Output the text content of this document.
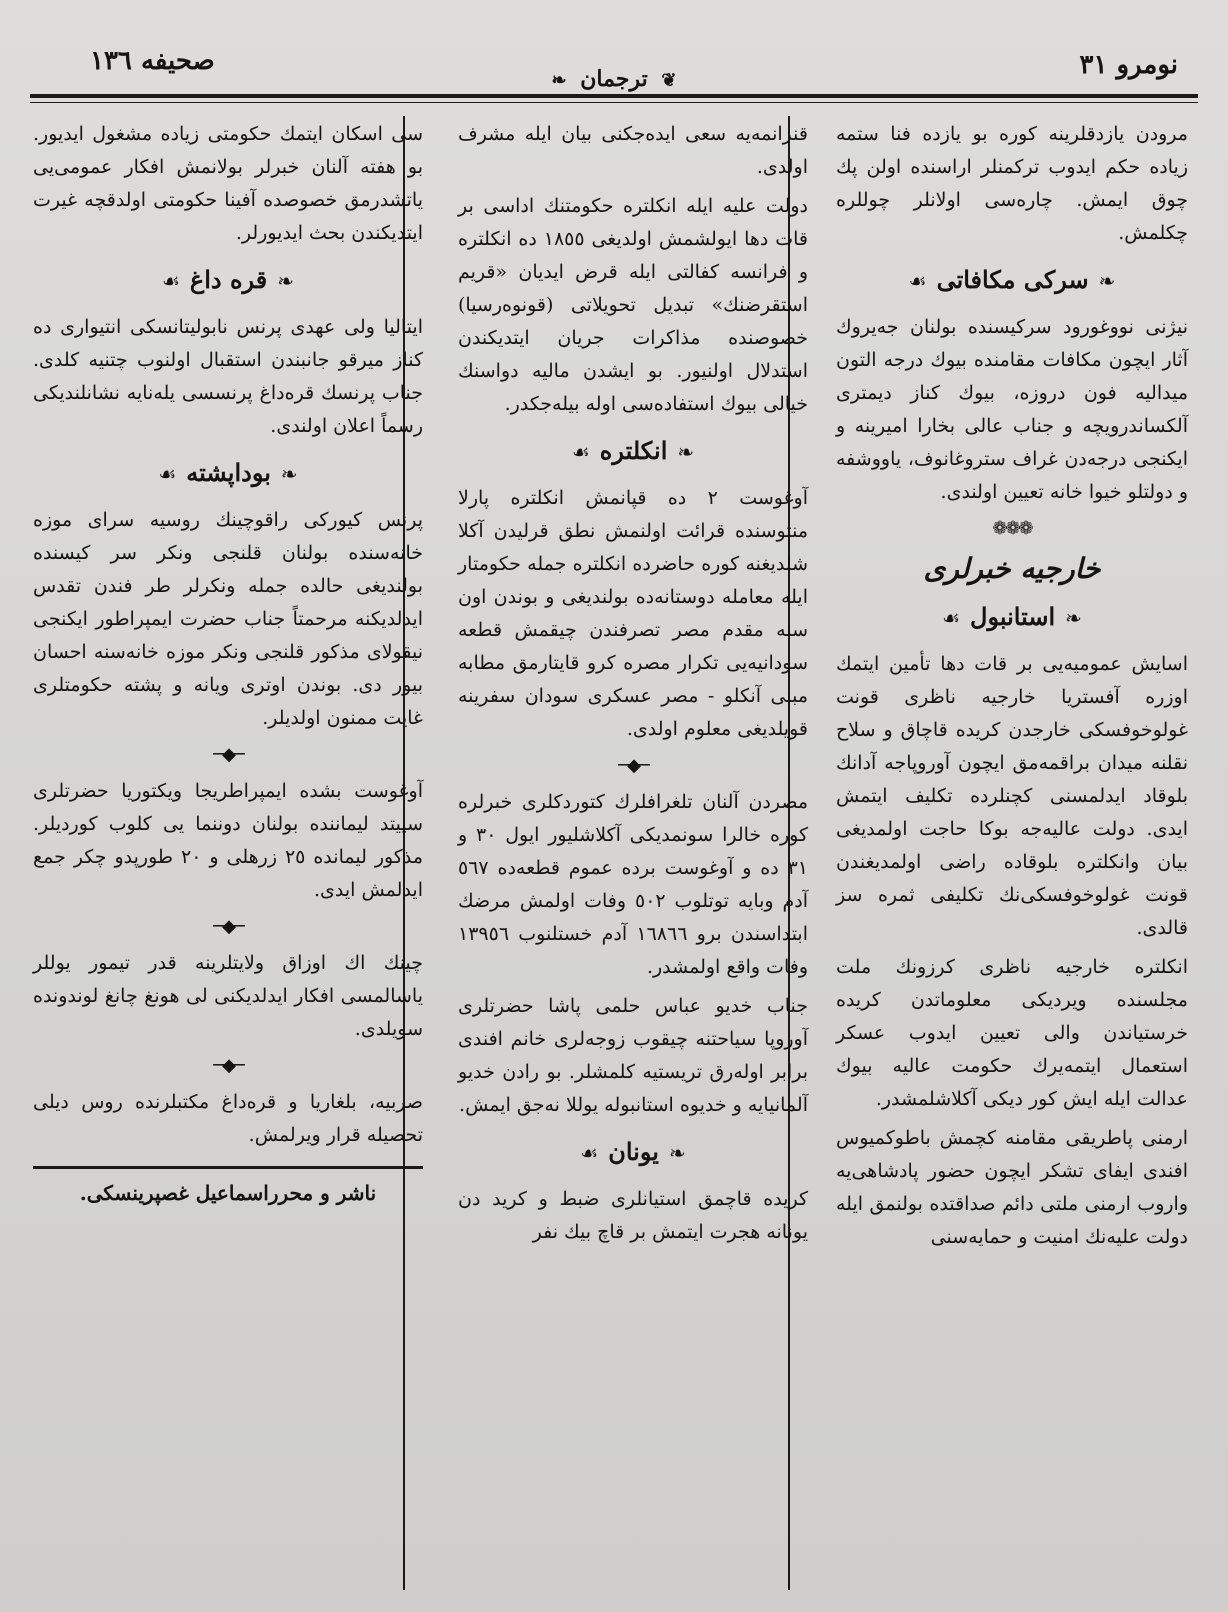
نومرو ٣١
❦ ترجمان ❧
صحیفه ١٣٦

مرودن يازدقلرينه كوره بو يازده فنا ستمه زياده حكم ايدوب تركمنلر اراسنده اولن پك چوق ايمش. چاره‌سی اولانلر چوللره چكلمش.

❧سركی مكافاتی☙

نيژنی نووغورود سركيسنده بولنان جه‌يروك آثار ايچون مكافات مقامنده بيوك درجه التون ميداليه فون دروزه، بيوك كناز ديمتری آلكساندرويچه و جناب عالی بخارا اميرينه و ايكنجی درجه‌دن غراف ستروغانوف، ياووشفه و دولتلو خيوا خانه تعيين اولندی.

❁❁❁
خارجيه خبرلری
❧استانبول☙

اسايش عموميه‌يی بر قات دها تأمين ايتمك اوزره آفستريا خارجيه ناظری قونت غولوخوفسكی خارجدن كريده قاچاق و سلاح نقلنه ميدان براقمه‌مق ايچون آوروپاجه آدانك بلوقاد ايدلمسنی كچنلرده تكليف ايتمش ايدی. دولت عاليه‌جه بوكا حاجت اولمديغی بيان وانكلتره بلوقاده راضی اولمديغندن قونت غولوخوفسكی‌نك تكليفی ثمره سز قالدی.

انكلتره خارجيه ناظری كرزونك ملت مجلسنده ويرديكی معلوماتدن كريده خرستيا‌ندن والی تعيين ايدوب عسكر استعمال ايتمه‌يرك حكومت عاليه بيوك عدالت ايله ايش كور ديكی آكلاشلمشدر.

ارمنی پاطريقی مقامنه كچمش باطوكميوس افندی ايفای تشكر ايچون حضور پادشاهی‌يه واروب ارمنی ملتی دائم صداقتده بو‌لنمق ايله دولت عليه‌نك امنيت و حمايه‌سنی

قنزانمه‌يه سعی ايده‌جكنی بيان ايله مشرف اولدی.

دولت عليه ايله انكلتره حكومتنك ادا‌سی بر قات دها ايولشمش اولديغی ١٨٥٥ ده انكلتره و فرانسه كفالتی ايله قرض ايد‌يان «قريم استقرضنك» تبديل تحويلاتی (قونوه‌رسيا) خصوصنده مذاكرات جريان ايتديكندن استدلال اولنيور. بو ايشدن ماليه دواسنك خيالی بيوك استفاده‌سی اوله بيله‌جكدر.

❧انكلتره☙

آوغوست ٢ ده قپانمش انكلتره پارلا منتوسنده قرائت اولنمش نطق قرليدن آكلا شلديغنه كوره حاضرده انكلتره جمله حكو‌متار ايله معامله‌ دوستانه‌ده بولنديغی و بوندن اون سنه مقدم مصر تصرفندن چيقمش قطعه‌ سودانيه‌يی تكرار مصره كرو قايتارمق مطابه‌ مبنی آنكلو - مصر عسكری سودان سفرينه قويلديغی معلوم اولدی.

─◆─

مصردن آلنان تلغرافلرك كتوردكلری خبرلره كوره خالرا سونمديكی آكلاشليور ايول ٣٠ و ٣١ ده و آوغوست بر‌ده عموم قطعه‌ده ٥٦٧ آدم وبايه توتلوب ٥٠٢ وفات اولمش مرضك ابتداسندن برو ١٦٨٦٦ آدم خستلنوب ١٣٩٥٦ وفات واقع اولمشدر.

جناب خديو عباس حلمی پاشا حضرتلری آوروپا سياحتنه چيقوب زوجه‌لری خانم افندی برابر اوله‌رق تريستيه كلمشلر. بو رادن خديو آلمانيايه و خديوه استانبوله يوللا نه‌جق ايمش.

❧يونان☙

كريده قاچمق استيانلری ضبط و كريد دن يونانه هجرت ايتمش بر قاچ بيك نفر‌

سی اسكان ايتمك حكومتی زياده مشغول ايد‌يور. بو هفته آلنان خبرلر بولانمش افكار عمومی‌يی ياتشدرمق خصوصده آفينا حكومتی اولدقچه غيرت ايتديكندن بحث ايديورلر.

❧قره داغ☙

ايتاليا ولی عهدی پرنس نابوليتانسكی انتيواری ده كناز ميرقو جانبندن استقبال اولنوب چتنيه كلدی. جناب پرنسك قره‌داغ پرنسسی يله‌نايه نشانلنديكی رسماً اعلان اولندی.

❧بوداپشته☙

پرنس كيوركی راقوچينك روسيه سرای موزه خانه‌سنده بولنان قلنجی ونكر سر كيسنده بولنديغی حالده جمله ونكرلر طر فندن تقدس ايدلديكنه مرحمتاً جناب حضرت ايمپراطور ايكنجی نيقولای مذكور قلنجی ونكر موزه خانه‌سنه احسان بيور دی. بوندن اوتری ويانه و پشته حكومتلری غايت ممنون اولديلر.

─◆─

آوغوست بشده ايمپراطريجا ويكتوريا حضرتلری سپيتد ليماننده بولنان دوننما يی كلوب كوردیلر. مذكور ليمانده ٢٥ زرهلی و ٢٠ طورپدو چكر جمع ايدلمش ايدی.

─◆─

چينك اك اوزاق ولايتلرينه قدر تيمور يوللر ياسالمسی افكار ايدلديكنی لی هونغ چانغ لوندونده سويلدی.

─◆─

صربيه، بلغاريا و قره‌داغ مكتبلرنده روس ديلی تحصيله قرار ويرلمش.

ناشر و محرراسماعيل غصپرينسكی.
